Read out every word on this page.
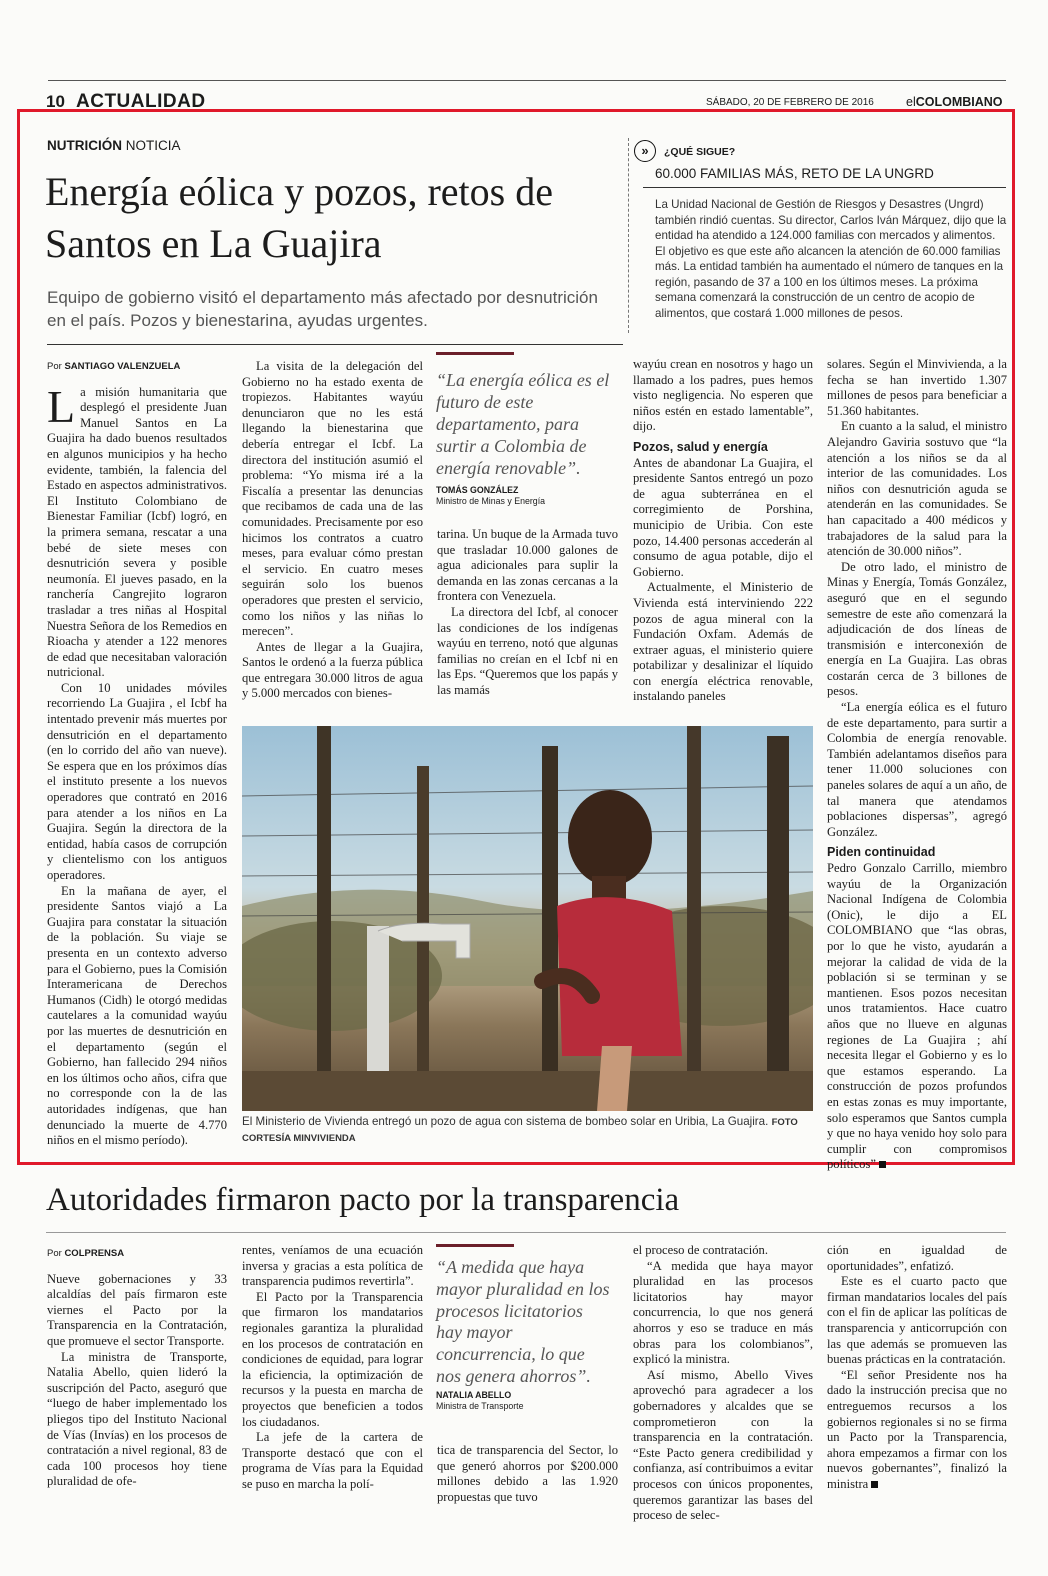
10 ACTUALIDAD	SÁBADO, 20 DE FEBRERO DE 2016	elCOLOMBIANO
NUTRICIÓN NOTICIA
Energía eólica y pozos, retos de Santos en La Guajira
Equipo de gobierno visitó el departamento más afectado por desnutrición en el país. Pozos y bienestarina, ayudas urgentes.
»	¿QUÉ SIGUE?
60.000 FAMILIAS MÁS, RETO DE LA UNGRD
La Unidad Nacional de Gestión de Riesgos y Desastres (Ungrd) también rindió cuentas. Su director, Carlos Iván Márquez, dijo que la entidad ha atendido a 124.000 familias con mercados y alimentos. El objetivo es que este año alcancen la atención de 60.000 familias más. La entidad también ha aumentado el número de tanques en la región, pasando de 37 a 100 en los últimos meses. La próxima semana comenzará la construcción de un centro de acopio de alimentos, que costará 1.000 millones de pesos.
Por SANTIAGO VALENZUELA

La misión humanitaria que desplegó el presidente Juan Manuel Santos en La Guajira ha dado buenos resultados en algunos municipios y ha hecho evidente, también, la falencia del Estado en aspectos administrativos. El Instituto Colombiano de Bienestar Familiar (Icbf) logró, en la primera semana, rescatar a una bebé de siete meses con desnutrición severa y posible neumonía. El jueves pasado, en la ranchería Cangrejito lograron trasladar a tres niñas al Hospital Nuestra Señora de los Remedios en Rioacha y atender a 122 menores de edad que necesitaban valoración nutricional.

Con 10 unidades móviles recorriendo La Guajira , el Icbf ha intentado prevenir más muertes por densutrición en el departamento (en lo corrido del año van nueve). Se espera que en los próximos días el instituto presente a los nuevos operadores que contrató en 2016 para atender a los niños en La Guajira. Según la directora de la entidad, había casos de corrupción y clientelismo con los antiguos operadores.

En la mañana de ayer, el presidente Santos viajó a La Guajira para constatar la situación de la población. Su viaje se presenta en un contexto adverso para el Gobierno, pues la Comisión Interamericana de Derechos Humanos (Cidh) le otorgó medidas cautelares a la comunidad wayúu por las muertes de desnutrición en el departamento (según el Gobierno, han fallecido 294 niños en los últimos ocho años, cifra que no corresponde con la de las autoridades indígenas, que han denunciado la muerte de 4.770 niños en el mismo período).

La visita de la delegación del Gobierno no ha estado exenta de tropiezos. Habitantes wayúu denunciaron que no les está llegando la bienestarina que debería entregar el Icbf. La directora del institución asumió el problema: “Yo misma iré a la Fiscalía a presentar las denuncias que recibamos de cada una de las comunidades. Precisamente por eso hicimos los contratos a cuatro meses, para evaluar cómo prestan el servicio. En cuatro meses seguirán solo los buenos operadores que presten el servicio, como los niños y las niñas lo merecen”.

Antes de llegar a la Guajira, Santos le ordenó a la fuerza pública que entregara 30.000 litros de agua y 5.000 mercados con bienes-

“La energía eólica es el futuro de este departamento, para surtir a Colombia de energía renovable”.
TOMÁS GONZÁLEZ
Ministro de Minas y Energía

tarina. Un buque de la Armada tuvo que trasladar 10.000 galones de agua adicionales para suplir la demanda en las zonas cercanas a la frontera con Venezuela.

La directora del Icbf, al conocer las condiciones de los indígenas wayúu en terreno, notó que algunas familias no creían en el Icbf ni en las Eps. “Queremos que los papás y las mamás

wayúu crean en nosotros y hago un llamado a los padres, pues hemos visto negligencia. No esperen que niños estén en estado lamentable”, dijo.

Pozos, salud y energía

Antes de abandonar La Guajira, el presidente Santos entregó un pozo de agua subterránea en el corregimiento de Porshina, municipio de Uribia. Con este pozo, 14.400 personas accederán al consumo de agua potable, dijo el Gobierno.

Actualmente, el Ministerio de Vivienda está interviniendo 222 pozos de agua mineral con la Fundación Oxfam. Además de extraer aguas, el ministerio quiere potabilizar y desalinizar el líquido con energía eléctrica renovable, instalando paneles

solares. Según el Minvivienda, a la fecha se han invertido 1.307 millones de pesos para beneficiar a 51.360 habitantes.

En cuanto a la salud, el ministro Alejandro Gaviria sostuvo que “la atención a los niños se da al interior de las comunidades. Los niños con desnutrición aguda se atenderán en las comunidades. Se han capacitado a 400 médicos y trabajadores de la salud para la atención de 30.000 niños”.

De otro lado, el ministro de Minas y Energía, Tomás González, aseguró que en el segundo semestre de este año comenzará la adjudicación de dos líneas de transmisión e interconexión de energía en La Guajira. Las obras costarán cerca de 3 billones de pesos.

“La energía eólica es el futuro de este departamento, para surtir a Colombia de energía renovable. También adelantamos diseños para tener 11.000 soluciones con paneles solares de aquí a un año, de tal manera que atendamos poblaciones dispersas”, agregó González.

Piden continuidad

Pedro Gonzalo Carrillo, miembro wayúu de la Organización Nacional Indígena de Colombia (Onic), le dijo a EL COLOMBIANO que “las obras, por lo que he visto, ayudarán a mejorar la calidad de vida de la población si se terminan y se mantienen. Esos pozos necesitan unos tratamientos. Hace cuatro años que no llueve en algunas regiones de La Guajira ; ahí necesita llegar el Gobierno y es lo que estamos esperando. La construcción de pozos profundos en estas zonas es muy importante, solo esperamos que Santos cumpla y que no haya venido hoy solo para cumplir con compromisos políticos”

El Ministerio de Vivienda entregó un pozo de agua con sistema de bombeo solar en Uribia, La Guajira. FOTO CORTESÍA MINVIVIENDA
Autoridades firmaron pacto por la transparencia
Por COLPRENSA

Nueve gobernaciones y 33 alcaldías del país firmaron este viernes el Pacto por la Transparencia en la Contratación, que promueve el sector Transporte.

La ministra de Transporte, Natalia Abello, quien lideró la suscripción del Pacto, aseguró que “luego de haber implementado los pliegos tipo del Instituto Nacional de Vías (Invías) en los procesos de contratación a nivel regional, 83 de cada 100 procesos hoy tiene pluralidad de ofe-

rentes, veníamos de una ecuación inversa y gracias a esta política de transparencia pudimos revertirla”.

El Pacto por la Transparencia que firmaron los mandatarios regionales garantiza la pluralidad en los procesos de contratación en condiciones de equidad, para lograr la eficiencia, la optimización de recursos y la puesta en marcha de proyectos que beneficien a todos los ciudadanos.

La jefe de la cartera de Transporte destacó que con el programa de Vías para la Equidad se puso en marcha la polí-

“A medida que haya mayor pluralidad en los procesos licitatorios hay mayor concurrencia, lo que nos genera ahorros”.
NATALIA ABELLO
Ministra de Transporte

tica de transparencia del Sector, lo que generó ahorros por $200.000 millones debido a las 1.920 propuestas que tuvo

el proceso de contratación.

“A medida que haya mayor pluralidad en las procesos licitatorios hay mayor concurrencia, lo que nos generá ahorros y eso se traduce en más obras para los colombianos”, explicó la ministra.

Así mismo, Abello Vives aprovechó para agradecer a los gobernadores y alcaldes que se comprometieron con la transparencia en la contratación. “Este Pacto genera credibilidad y confianza, así contribuimos a evitar procesos con únicos proponentes, queremos garantizar las bases del proceso de selec-

ción en igualdad de oportunidades”, enfatizó.

Este es el cuarto pacto que firman mandatarios locales del país con el fin de aplicar las políticas de transparencia y anticorrupción con las que además se promueven las buenas prácticas en la contratación.

“El señor Presidente nos ha dado la instrucción precisa que no entreguemos recursos a los gobiernos regionales si no se firma un Pacto por la Transparencia, ahora empezamos a firmar con los nuevos gobernantes”, finalizó la ministra
